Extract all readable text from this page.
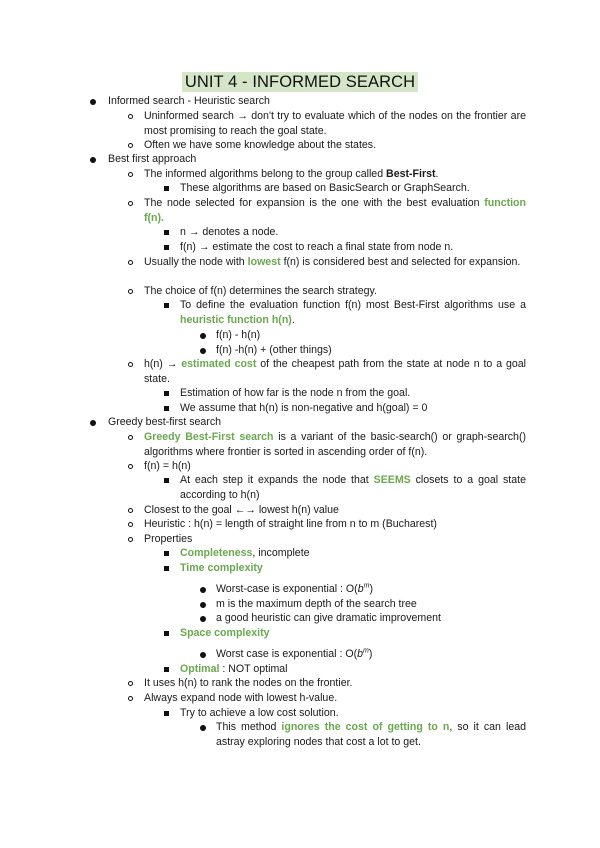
UNIT 4 - INFORMED SEARCH
Informed search - Heuristic search
Uninformed search → don't try to evaluate which of the nodes on the frontier are most promising to reach the goal state.
Often we have some knowledge about the states.
Best first approach
The informed algorithms belong to the group called Best-First.
These algorithms are based on BasicSearch or GraphSearch.
The node selected for expansion is the one with the best evaluation function f(n).
n → denotes a node.
f(n) → estimate the cost to reach a final state from node n.
Usually the node with lowest f(n) is considered best and selected for expansion.
The choice of f(n) determines the search strategy.
To define the evaluation function f(n) most Best-First algorithms use a heuristic function h(n).
f(n) - h(n)
f(n) -h(n) + (other things)
h(n) → estimated cost of the cheapest path from the state at node n to a goal state.
Estimation of how far is the node n from the goal.
We assume that h(n) is non-negative and h(goal) = 0
Greedy best-first search
Greedy Best-First search is a variant of the basic-search() or graph-search() algorithms where frontier is sorted in ascending order of f(n).
f(n) = h(n)
At each step it expands the node that SEEMS closets to a goal state according to h(n)
Closest to the goal ←→ lowest h(n) value
Heuristic : h(n) = length of straight line from n to m (Bucharest)
Properties
Completeness, incomplete
Time complexity
Worst-case is exponential : $O(b^m)$
m is the maximum depth of the search tree
a good heuristic can give dramatic improvement
Space complexity
Worst case is exponential : $O(b^m)$
Optimal : NOT optimal
It uses h(n) to rank the nodes on the frontier.
Always expand node with lowest h-value.
Try to achieve a low cost solution.
This method ignores the cost of getting to n, so it can lead astray exploring nodes that cost a lot to get.
